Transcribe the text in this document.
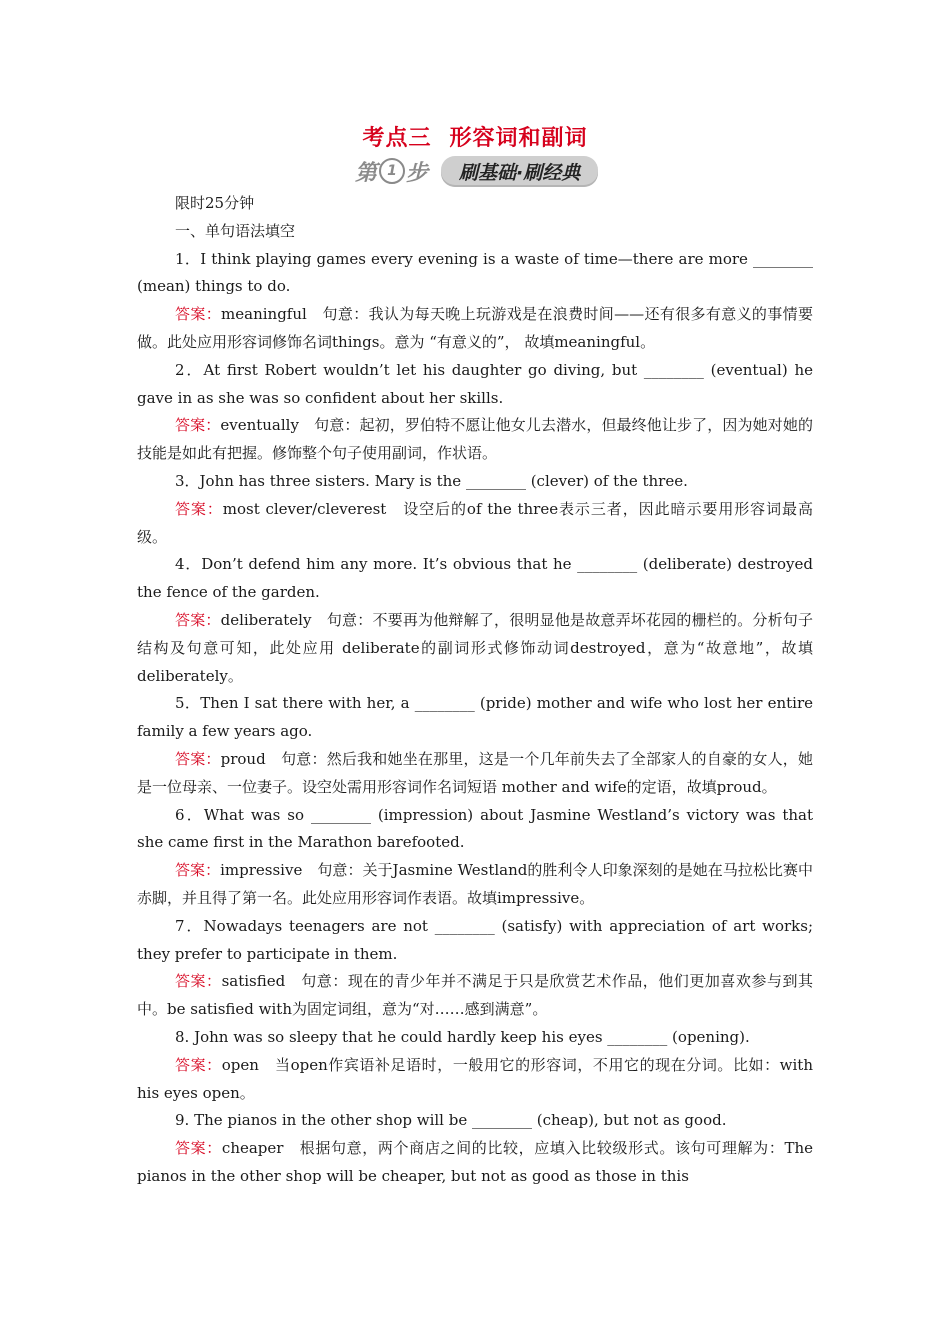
考点三 形容词和副词
第 1 步	刷基础·刷经典

限时25分钟

一、单句语法填空

1．I think playing games every evening is a waste of time—there are more ________ (mean) things to do.

答案：meaningful　句意：我认为每天晚上玩游戏是在浪费时间——还有很多有意义的事情要做。此处应用形容词修饰名词things。意为 “有意义的”， 故填meaningful。

2．At first Robert wouldn’t let his daughter go diving, but ________ (eventual) he gave in as she was so confident about her skills.

答案：eventually　句意：起初，罗伯特不愿让他女儿去潜水，但最终他让步了，因为她对她的技能是如此有把握。修饰整个句子使用副词，作状语。

3．John has three sisters. Mary is the ________ (clever) of the three.

答案：most clever/cleverest　设空后的of the three表示三者，因此暗示要用形容词最高级。

4．Don’t defend him any more. It’s obvious that he ________ (deliberate) destroyed the fence of the garden.

答案：deliberately　句意：不要再为他辩解了，很明显他是故意弄坏花园的栅栏的。分析句子结构及句意可知，此处应用 deliberate的副词形式修饰动词destroyed，意为“故意地”，故填deliberately。

5．Then I sat there with her, a ________ (pride) mother and wife who lost her entire family a few years ago.

答案：proud　句意：然后我和她坐在那里，这是一个几年前失去了全部家人的自豪的女人，她是一位母亲、一位妻子。设空处需用形容词作名词短语 mother and wife的定语，故填proud。

6．What was so ________ (impression) about Jasmine Westland’s victory was that she came first in the Marathon barefooted.

答案：impressive　句意：关于Jasmine Westland的胜利令人印象深刻的是她在马拉松比赛中赤脚，并且得了第一名。此处应用形容词作表语。故填impressive。

7．Nowadays teenagers are not ________ (satisfy) with appreciation of art works; they prefer to participate in them.

答案：satisfied　句意：现在的青少年并不满足于只是欣赏艺术作品，他们更加喜欢参与到其中。be satisfied with为固定词组，意为“对……感到满意”。

8. John was so sleepy that he could hardly keep his eyes ________ (opening).

答案：open　当open作宾语补足语时，一般用它的形容词，不用它的现在分词。比如：with his eyes open。

9. The pianos in the other shop will be ________ (cheap), but not as good.

答案：cheaper　根据句意，两个商店之间的比较，应填入比较级形式。该句可理解为：The pianos in the other shop will be cheaper, but not as good as those in this
